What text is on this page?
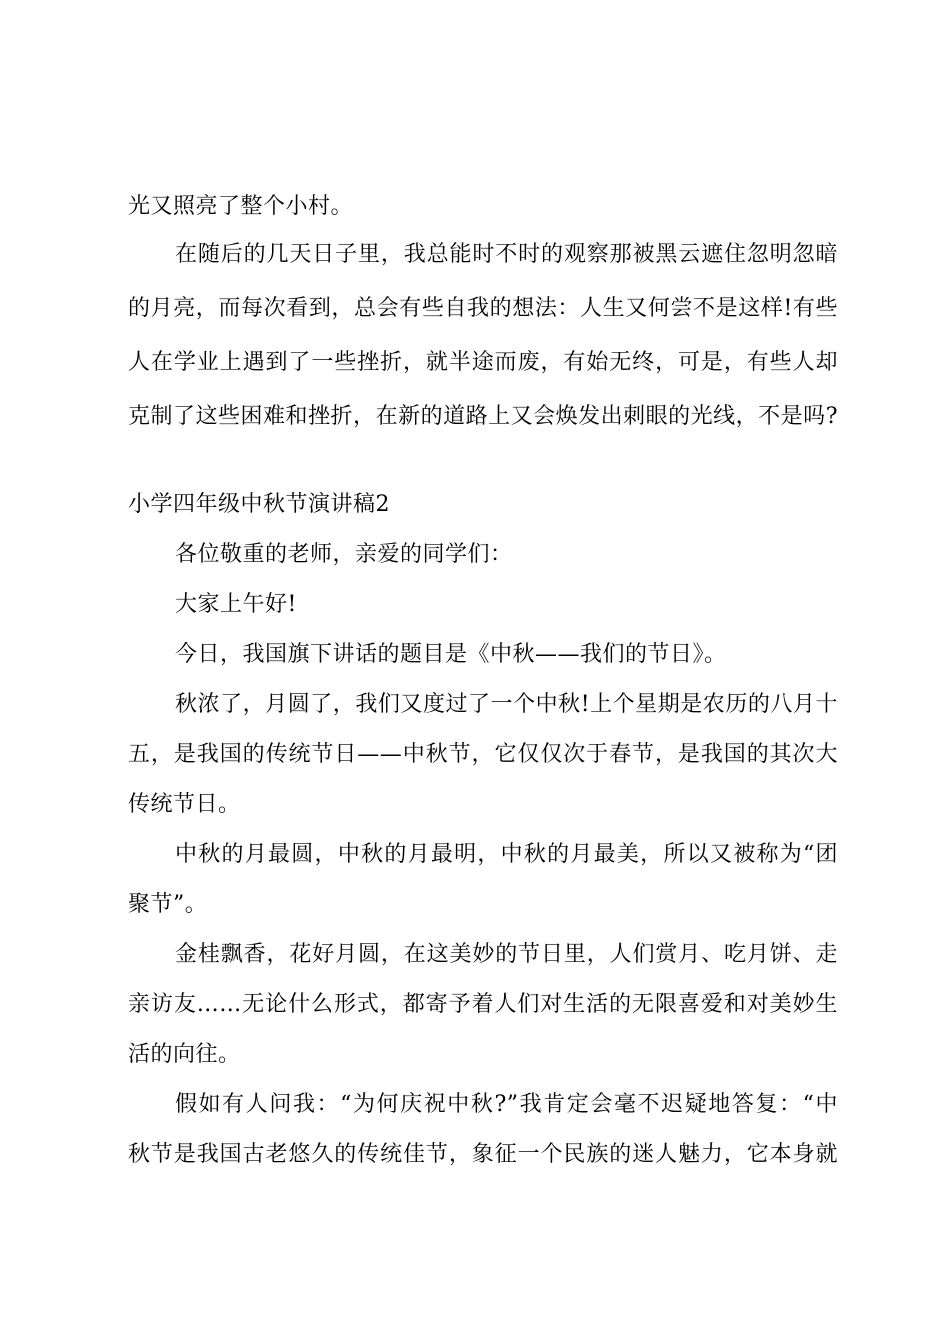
光又照亮了整个小村。
在随后的几天日子里，我总能时不时的观察那被黑云遮住忽明忽暗
的月亮，而每次看到，总会有些自我的想法：人生又何尝不是这样!有些
人在学业上遇到了一些挫折，就半途而废，有始无终，可是，有些人却
克制了这些困难和挫折，在新的道路上又会焕发出刺眼的光线，不是吗?
小学四年级中秋节演讲稿2
各位敬重的老师，亲爱的同学们：
大家上午好!
今日，我国旗下讲话的题目是《中秋——我们的节日》。
秋浓了，月圆了，我们又度过了一个中秋!上个星期是农历的八月十
五，是我国的传统节日——中秋节，它仅仅次于春节，是我国的其次大
传统节日。
中秋的月最圆，中秋的月最明，中秋的月最美，所以又被称为“团
聚节”。
金桂飘香，花好月圆，在这美妙的节日里，人们赏月、吃月饼、走
亲访友……无论什么形式，都寄予着人们对生活的无限喜爱和对美妙生
活的向往。
假如有人问我：“为何庆祝中秋?”我肯定会毫不迟疑地答复：“中
秋节是我国古老悠久的传统佳节，象征一个民族的迷人魅力，它本身就
